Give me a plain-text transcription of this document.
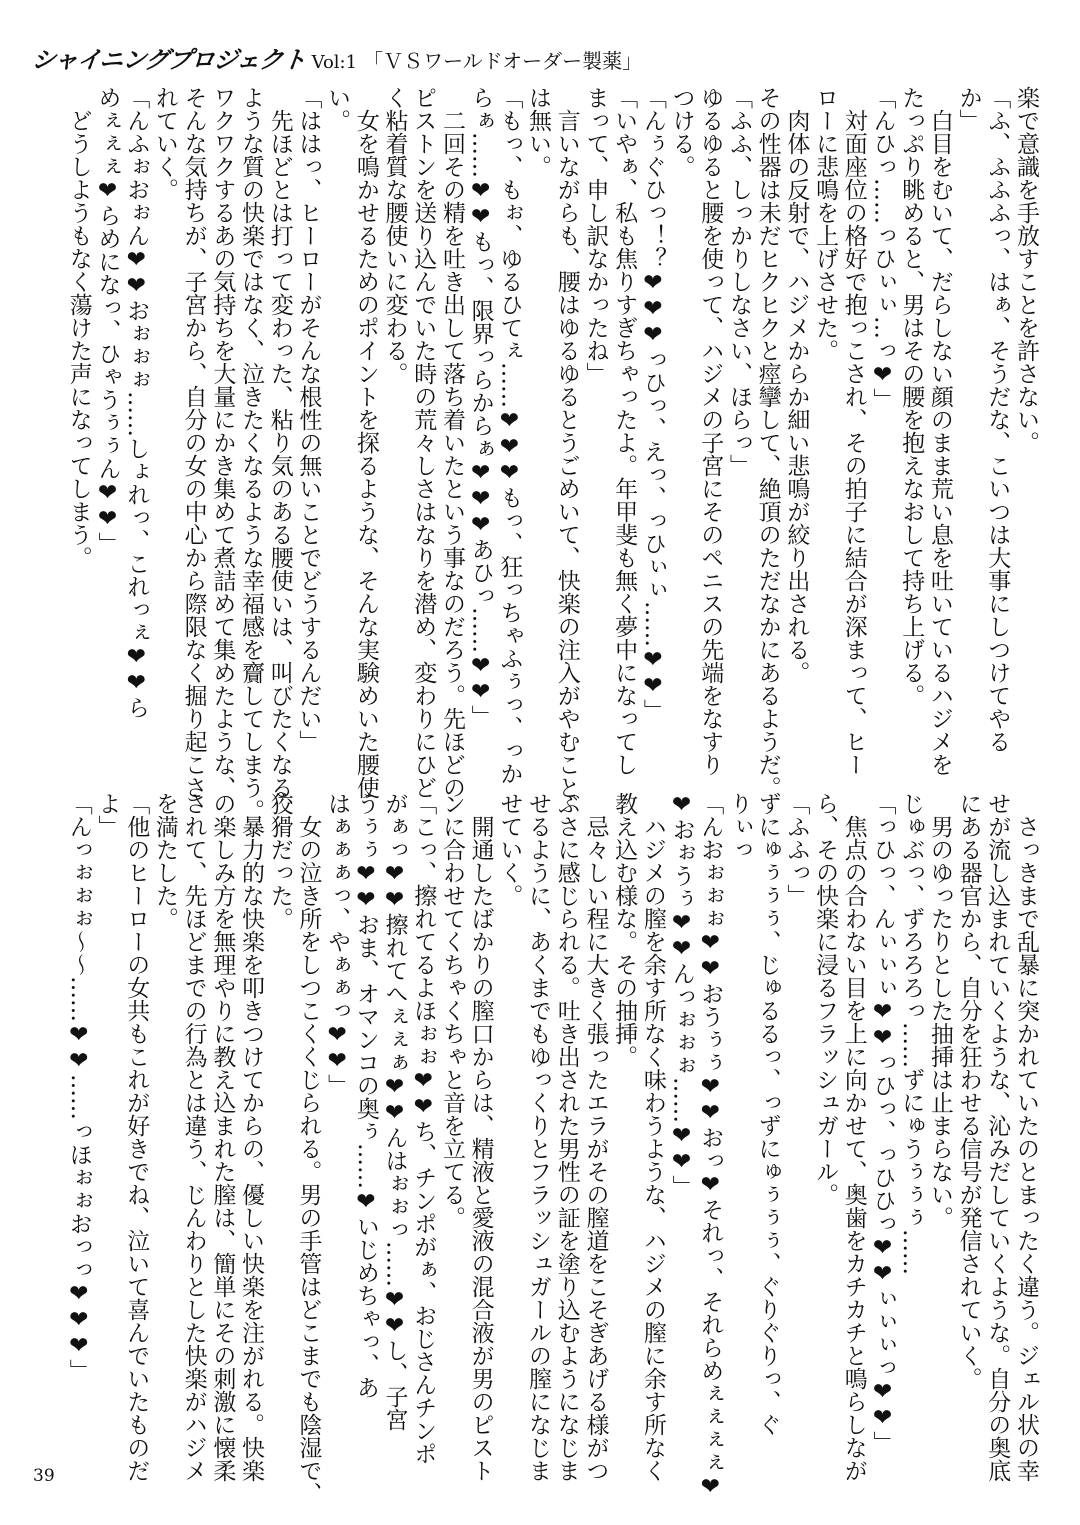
シャイニングプロジェクト Vol:1 「ＶＳワールドオーダー製薬」
楽で意識を手放すことを許さない。
「ふ、ふふふっ、はぁ、そうだな、こいつは大事にしつけてやる
か」
　白目をむいて、だらしない顔のまま荒い息を吐いているハジメを
たっぷり眺めると、男はその腰を抱えなおして持ち上げる。
「んひっ……っひぃぃ…っ❤」
　対面座位の格好で抱っこされ、その拍子に結合が深まって、ヒー
ローに悲鳴を上げさせた。
　肉体の反射で、ハジメからか細い悲鳴が絞り出される。
その性器は未だヒクヒクと痙攣して、絶頂のただなかにあるようだ。
「ふふ、しっかりしなさい、ほらっ」
ゆるゆると腰を使って、ハジメの子宮にそのペニスの先端をなすり
つける。
「んぅぐひっ！？❤❤❤っひっ、えっ、っひぃぃ……❤❤」
「いやぁ、私も焦りすぎちゃったよ。年甲斐も無く夢中になってし
まって、申し訳なかったね」
　言いながらも、腰はゆるゆるとうごめいて、快楽の注入がやむこと
は無い。
「もっ、もぉ、ゆるひてぇ……❤❤❤もっ、狂っちゃふぅっ、っか
らぁ……❤❤もっ、限界っらからぁ❤❤❤あひっ……❤❤」
　二回その精を吐き出して落ち着いたという事なのだろう。先ほどの
ピストンを送り込んでいた時の荒々しさはなりを潜め、変わりにひど
く粘着質な腰使いに変わる。
　女を鳴かせるためのポイントを探るような、そんな実験めいた腰使
い。
「ははっ、ヒーローがそんな根性の無いことでどうするんだい」
　先ほどとは打って変わった、粘り気のある腰使いは、叫びたくなる
ような質の快楽ではなく、泣きたくなるような幸福感を齎してしまう。
ワクワクするあの気持ちを大量にかき集めて煮詰めて集めたような、
そんな気持ちが、子宮から、自分の女の中心から際限なく掘り起こさ
れていく。
「んふぉおぉん❤❤おぉぉぉ……しょれっ、これっぇ❤❤ら
めぇぇぇ❤らめになっ、ひゃうぅぅん❤❤」
　どうしようもなく蕩けた声になってしまう。
　さっきまで乱暴に突かれていたのとまったく違う。ジェル状の幸
せが流し込まれていくような、沁みだしていくような。自分の奥底
にある器官から、自分を狂わせる信号が発信されていく。
　男のゆったりとした抽挿は止まらない。
じゅぶっ、ずろろろっ……ずにゅうぅぅぅ……
「っひっ、んぃぃぃ❤❤っひっ、っひひっ❤❤ぃぃぃっ❤❤」
　焦点の合わない目を上に向かせて、奥歯をカチカチと鳴らしなが
ら、その快楽に浸るフラッシュガール。
「ふふっ」
ずにゅぅぅぅ、じゅるるっ、っずにゅぅぅぅ、ぐりぐりっ、ぐ
りぃっ
「んおぉぉぉ❤❤おうぅぅ❤❤おっ❤それっ、それらめぇぇぇぇ❤
❤おぉうぅ❤❤んっぉぉぉ……❤❤」
　ハジメの膣を余す所なく味わうような、ハジメの膣に余す所なく
教え込む様な。その抽挿。
　忌々しい程に大きく張ったエラがその膣道をこそぎあげる様がつ
ぶさに感じられる。吐き出された男性の証を塗り込むようになじま
せるように、あくまでもゆっくりとフラッシュガールの膣になじま
せていく。
　開通したばかりの膣口からは、精液と愛液の混合液が男のピスト
ンに合わせてくちゃくちゃと音を立てる。
「こっ、擦れてるよほぉぉ❤❤ち、チンポがぁ、おじさんチンポ
がぁっ❤❤擦れてへぇぇぁ❤❤んはぉぉっ……❤❤し、子宮
うぅぅ❤❤おま、オマンコの奥ぅ……❤いじめちゃっ、あ
はぁぁぁっ、やぁぁっ❤❤」
　女の泣き所をしつこくくじられる。男の手管はどこまでも陰湿で、
狡猾だった。
　暴力的な快楽を叩きつけてからの、優しい快楽を注がれる。快楽
の楽しみ方を無理やりに教え込まれた膣は、簡単にその刺激に懐柔
されて、先ほどまでの行為とは違う、じんわりとした快楽がハジメ
を満たした。
「他のヒーローの女共もこれが好きでね、泣いて喜んでいたものだ
よ」
「んっぉぉぉ〜〜……❤❤……っほぉぉおっっ❤❤❤」
39
